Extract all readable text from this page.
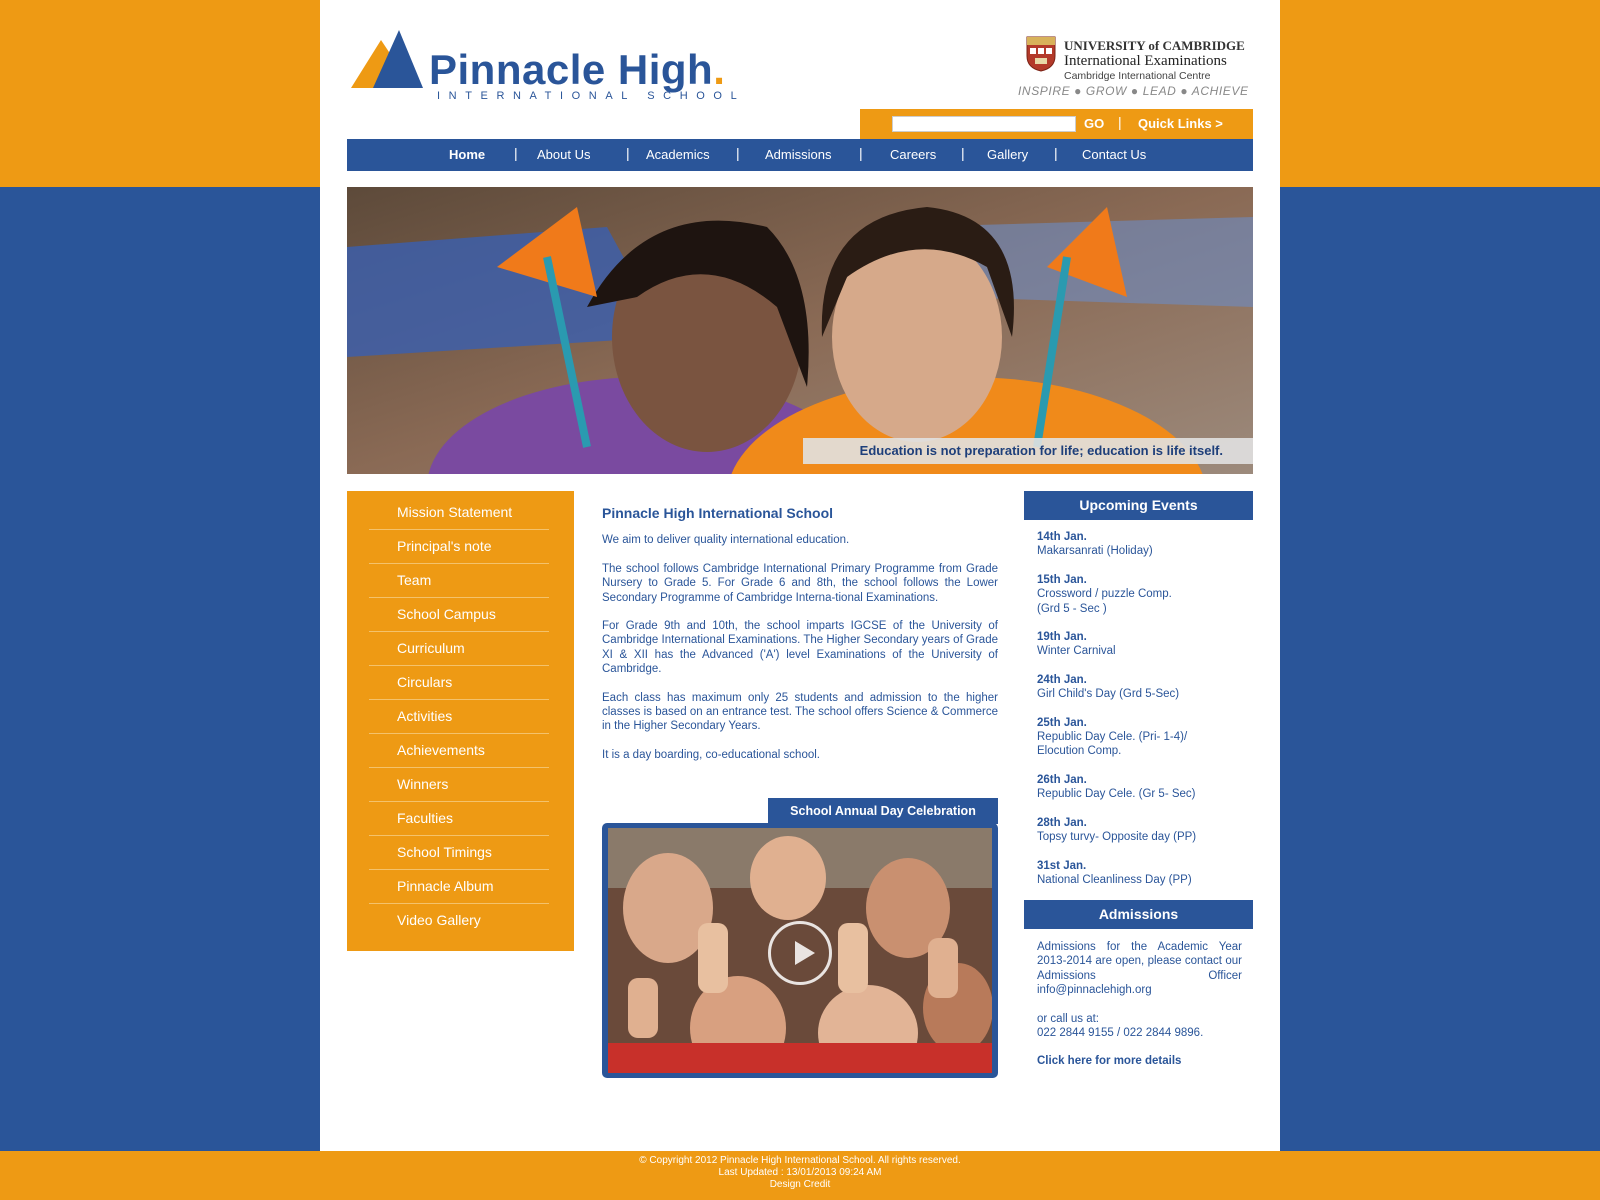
Pinnacle High.
INTERNATIONAL SCHOOL
UNIVERSITY of CAMBRIDGE
International Examinations
Cambridge International Centre
INSPIRE ● GROW ● LEAD ● ACHIEVE
GO | Quick Links >
Home | About Us	| Academics | Admissions | Careers | Gallery | Contact Us
Education is not preparation for life; education is life itself.
Mission Statement
Principal's note
Team
School Campus
Curriculum
Circulars
Activities
Achievements
Winners
Faculties
School Timings
Pinnacle Album
Video Gallery
Pinnacle High International School

We aim to deliver quality international education.

The school follows Cambridge International Primary Programme from Grade Nursery to Grade 5. For Grade 6 and 8th, the school follows the Lower Secondary Programme of Cambridge Interna-tional Examinations.

For Grade 9th and 10th, the school imparts IGCSE of the University of Cambridge International Examinations. The Higher Secondary years of Grade XI & XII has the Advanced ('A') level Examinations of the University of Cambridge.

Each class has maximum only 25 students and admission to the higher classes is based on an entrance test. The school offers Science & Commerce in the Higher Secondary Years.

It is a day boarding, co-educational school.

School Annual Day Celebration
Upcoming Events
14th Jan.
Makarsanrati (Holiday)
15th Jan.
Crossword / puzzle Comp.
(Grd 5 - Sec )
19th Jan.
Winter Carnival
24th Jan.
Girl Child's Day (Grd 5-Sec)
25th Jan.
Republic Day Cele. (Pri- 1-4)/
Elocution Comp.
26th Jan.
Republic Day Cele. (Gr 5- Sec)
28th Jan.
Topsy turvy- Opposite day (PP)
31st Jan.
National Cleanliness Day (PP)
Admissions

Admissions for the Academic Year 2013-2014 are open, please contact our Admissions Officer info@pinnaclehigh.org

or call us at:

022 2844 9155 / 022 2844 9896.

Click here for more details
© Copyright 2012 Pinnacle High International School. All rights reserved.
Last Updated : 13/01/2013 09:24 AM
Design Credit
